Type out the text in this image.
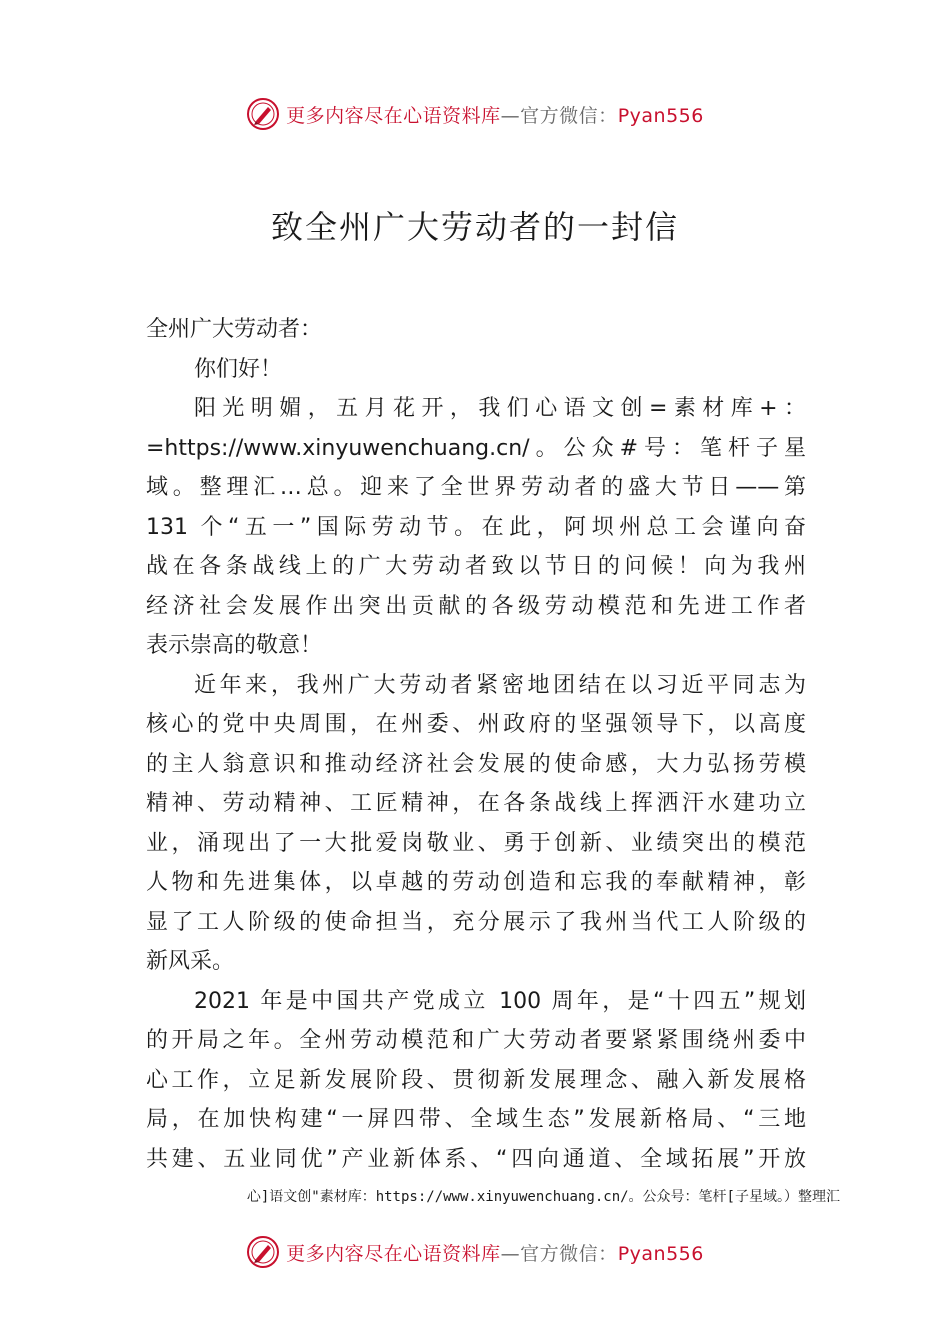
更多内容尽在心语资料库—官方微信：Pyan556
致全州广大劳动者的一封信
全州广大劳动者：
你们好！
阳光明媚，五月花开，我们心语文创=素材库+：
=https://www.xinyuwenchuang.cn/。公众#号：笔杆子星
域。整理汇…总。迎来了全世界劳动者的盛大节日——第
131 个“五一”国际劳动节。在此，阿坝州总工会谨向奋
战在各条战线上的广大劳动者致以节日的问候！向为我州
经济社会发展作出突出贡献的各级劳动模范和先进工作者
表示崇高的敬意！
近年来，我州广大劳动者紧密地团结在以习近平同志为
核心的党中央周围，在州委、州政府的坚强领导下，以高度
的主人翁意识和推动经济社会发展的使命感，大力弘扬劳模
精神、劳动精神、工匠精神，在各条战线上挥洒汗水建功立
业，涌现出了一大批爱岗敬业、勇于创新、业绩突出的模范
人物和先进集体，以卓越的劳动创造和忘我的奉献精神，彰
显了工人阶级的使命担当，充分展示了我州当代工人阶级的
新风采。
2021 年是中国共产党成立 100 周年，是“十四五”规划
的开局之年。全州劳动模范和广大劳动者要紧紧围绕州委中
心工作，立足新发展阶段、贯彻新发展理念、融入新发展格
局，在加快构建“一屏四带、全域生态”发展新格局、“三地
共建、五业同优”产业新体系、“四向通道、全域拓展”开放
心]语文创"素材库：https://www.xinyuwenchuang.cn/。公众号：笔杆[子星域。）整理汇
更多内容尽在心语资料库—官方微信：Pyan556
